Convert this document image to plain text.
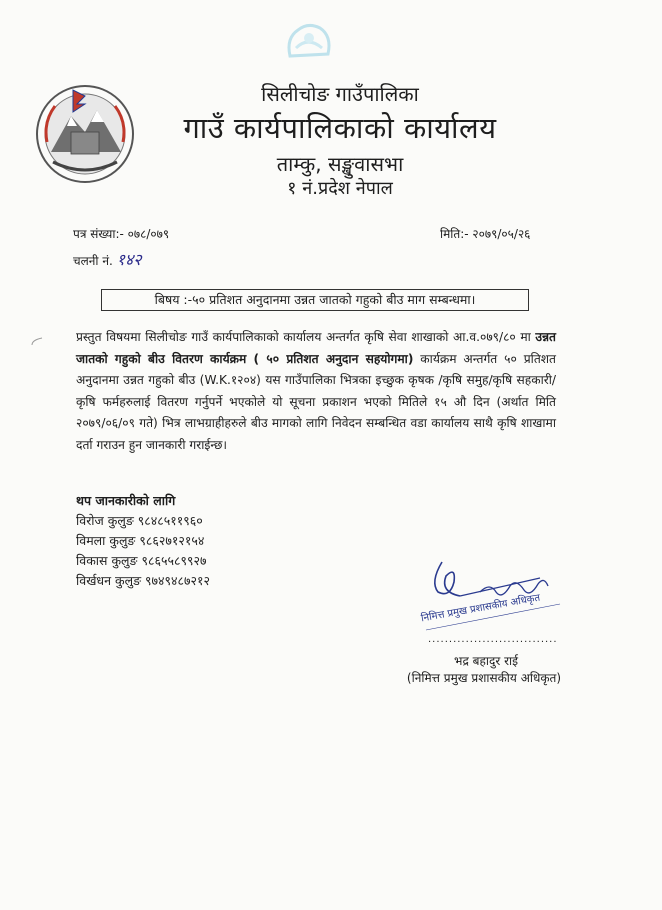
सिलीचोङ गाउँपालिका
गाउँ कार्यपालिकाको कार्यालय
ताम्कु, सङ्खुवासभा
१ नं.प्रदेश नेपाल
पत्र संख्या:- ०७८/०७९
चलनी नं. १४२
मिति:- २०७९/०५/२६
बिषय :-५० प्रतिशत अनुदानमा उन्नत जातको गहुको बीउ माग सम्बन्धमा।
प्रस्तुत विषयमा सिलीचोङ गाउँ कार्यपालिकाको कार्यालय अन्तर्गत कृषि सेवा शाखाको आ.व.०७९/८० मा उन्नत जातको गहुको बीउ वितरण कार्यक्रम ( ५० प्रतिशत अनुदान सहयोगमा) कार्यक्रम अन्तर्गत ५० प्रतिशत अनुदानमा उन्नत गहुको बीउ (W.K.१२०४) यस गाउँपालिका भित्रका इच्छुक कृषक /कृषि समुह/कृषि सहकारी/कृषि फर्महरुलाई वितरण गर्नुपर्ने भएकोले यो सूचना प्रकाशन भएको मितिले १५ औ दिन (अर्थात मिति २०७९/०६/०९ गते) भित्र लाभग्राहीहरुले बीउ मागको लागि निवेदन सम्बन्धित वडा कार्यालय साथै कृषि शाखामा दर्ता गराउन हुन जानकारी गराईन्छ।
थप जानकारीको लागि
विरोज कुलुङ ९८४८५११९६०
विमला कुलुङ ९८६२७१२१५४
विकास कुलुङ ९८६५५८९९२७
विर्खधन कुलुङ ९७४९४८७२१२
निमित्त प्रमुख प्रशासकीय अधिकृत
...............................
भद्र बहादुर राई
(निमित्त प्रमुख प्रशासकीय अधिकृत)
